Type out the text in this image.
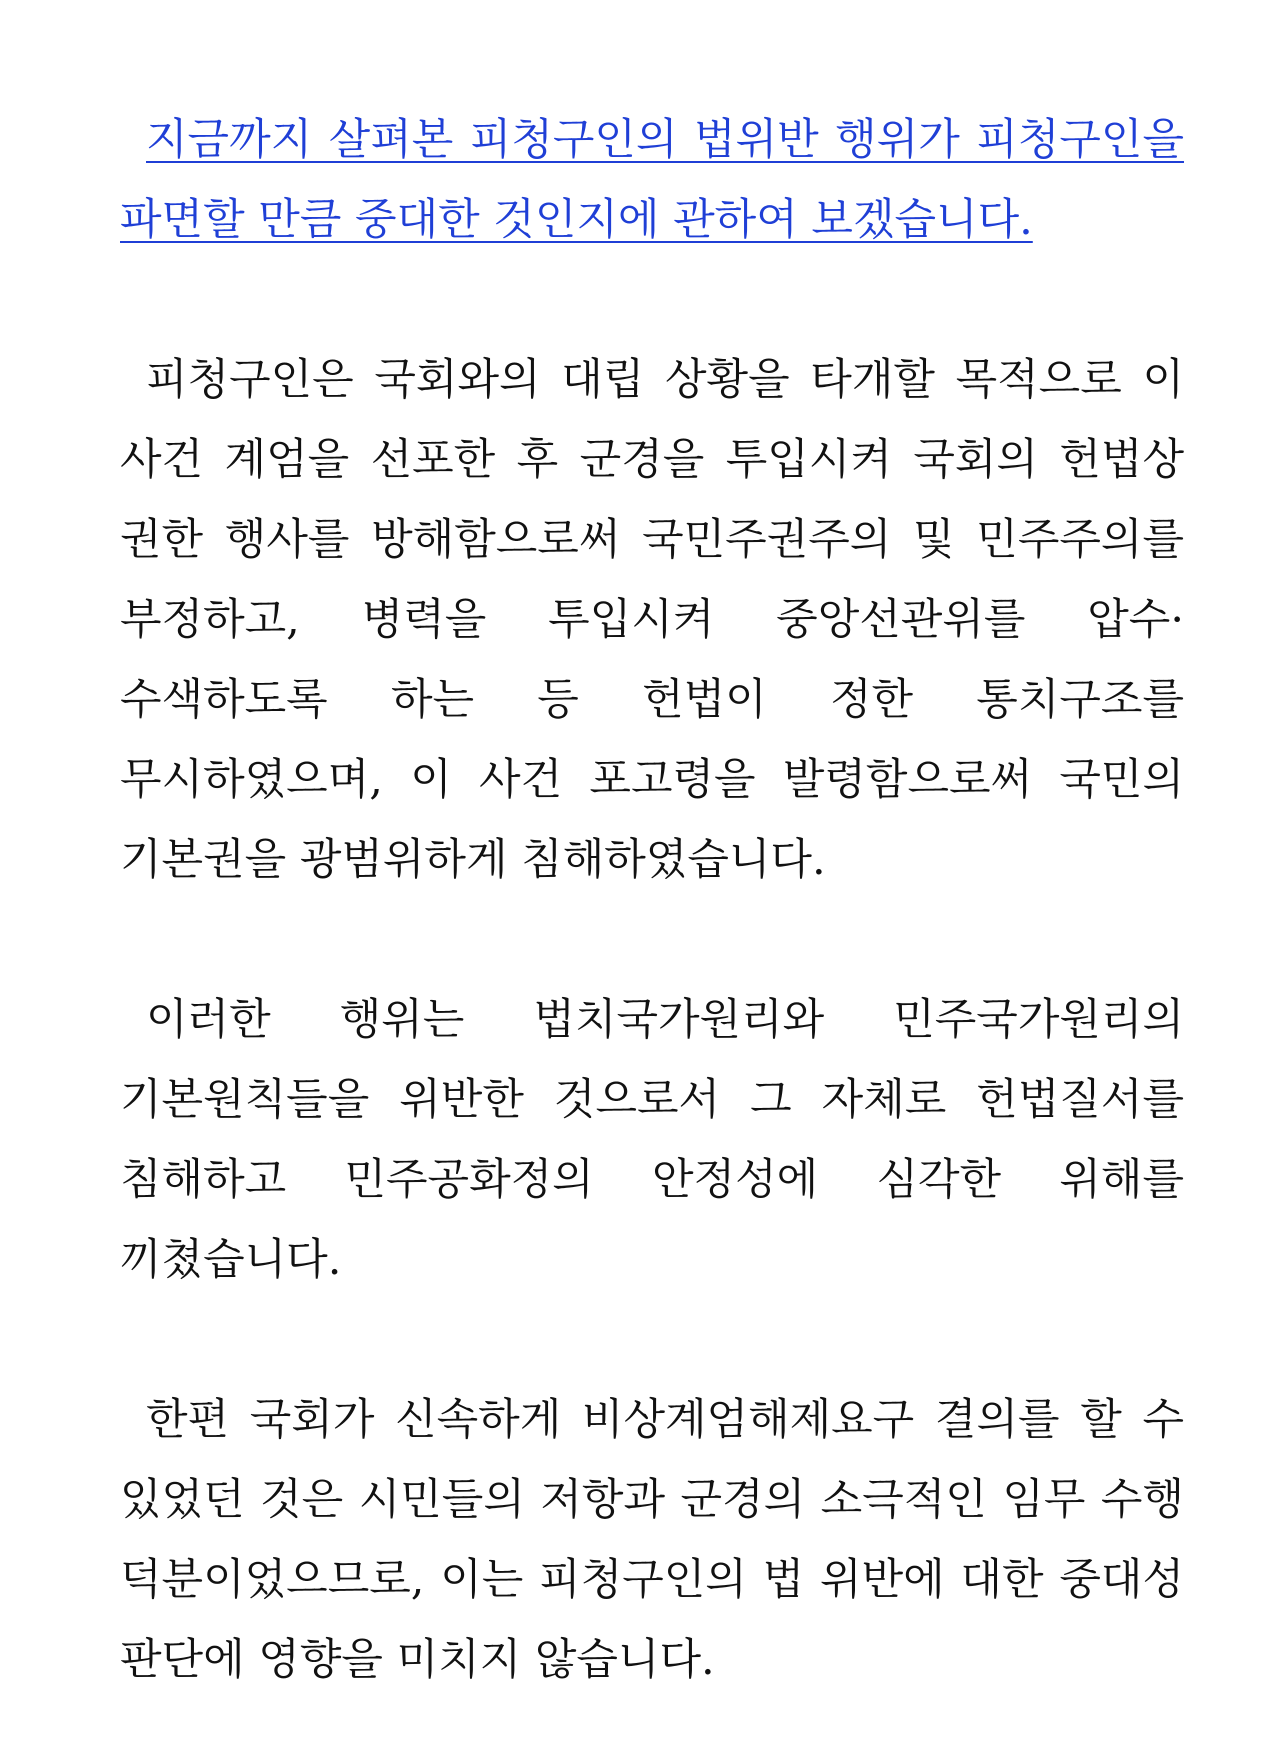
지금까지 살펴본 피청구인의 법위반 행위가 피청구인을 파면할 만큼 중대한 것인지에 관하여 보겠습니다.

피청구인은 국회와의 대립 상황을 타개할 목적으로 이 사건 계엄을 선포한 후 군경을 투입시켜 국회의 헌법상 권한 행사를 방해함으로써 국민주권주의 및 민주주의를 부정하고, 병력을 투입시켜 중앙선관위를 압수·수색하도록 하는 등 헌법이 정한 통치구조를 무시하였으며, 이 사건 포고령을 발령함으로써 국민의 기본권을 광범위하게 침해하였습니다.

이러한 행위는 법치국가원리와 민주국가원리의 기본원칙들을 위반한 것으로서 그 자체로 헌법질서를 침해하고 민주공화정의 안정성에 심각한 위해를 끼쳤습니다.

한편 국회가 신속하게 비상계엄해제요구 결의를 할 수 있었던 것은 시민들의 저항과 군경의 소극적인 임무 수행 덕분이었으므로, 이는 피청구인의 법 위반에 대한 중대성 판단에 영향을 미치지 않습니다.
